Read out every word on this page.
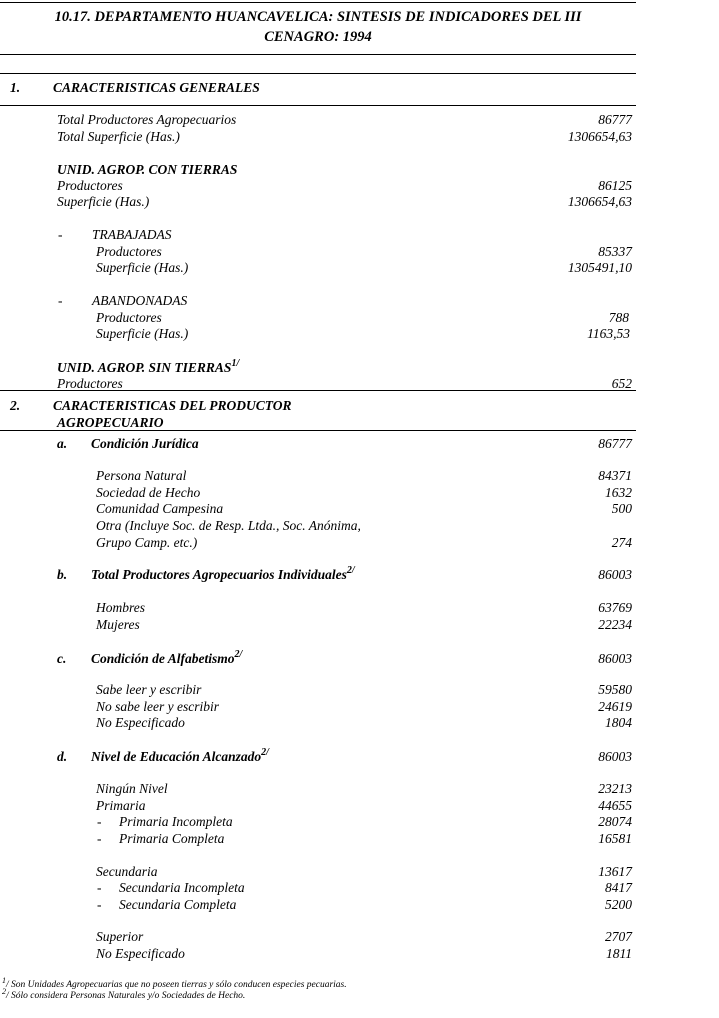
10.17. DEPARTAMENTO HUANCAVELICA: SINTESIS DE INDICADORES DEL III
CENAGRO: 1994
1. CARACTERISTICAS GENERALES
Total Productores Agropecuarios	86777
Total Superficie (Has.)	1306654,63
UNID. AGROP. CON TIERRAS
Productores	86125
Superficie (Has.)	1306654,63
- TRABAJADAS
Productores	85337
Superficie (Has.)	1305491,10
- ABANDONADAS
Productores	788
Superficie (Has.)	1163,53
UNID. AGROP. SIN $TIERRAS^{1/}$
Productores	652
2. CARACTERISTICAS DEL PRODUCTOR
AGROPECUARIO
a. Condición Jurídica	86777
Persona Natural	84371
Sociedad de Hecho	1632
Comunidad Campesina	500
Otra (Incluye Soc. de Resp. Ltda., Soc. Anónima,
Grupo Camp. etc.)	274
b. Total Productores Agropecuarios Individuales$^{2/}$	86003
Hombres	63769
Mujeres	22234
c. Condición de Alfabetismo$^{2/}$	86003
Sabe leer y escribir	59580
No sabe leer y escribir	24619
No Especificado	1804
d. Nivel de Educación Alcanzado$^{2/}$	86003
Ningún Nivel	23213
Primaria	44655
- Primaria Incompleta	28074
- Primaria Completa	16581
Secundaria	13617
- Secundaria Incompleta	8417
- Secundaria Completa	5200
Superior	2707
No Especificado	1811
$^1$/ Son Unidades Agropecuarias que no poseen tierras y sólo conducen especies pecuarias.
$^2$/ Sólo considera Personas Naturales y/o Sociedades de Hecho.
